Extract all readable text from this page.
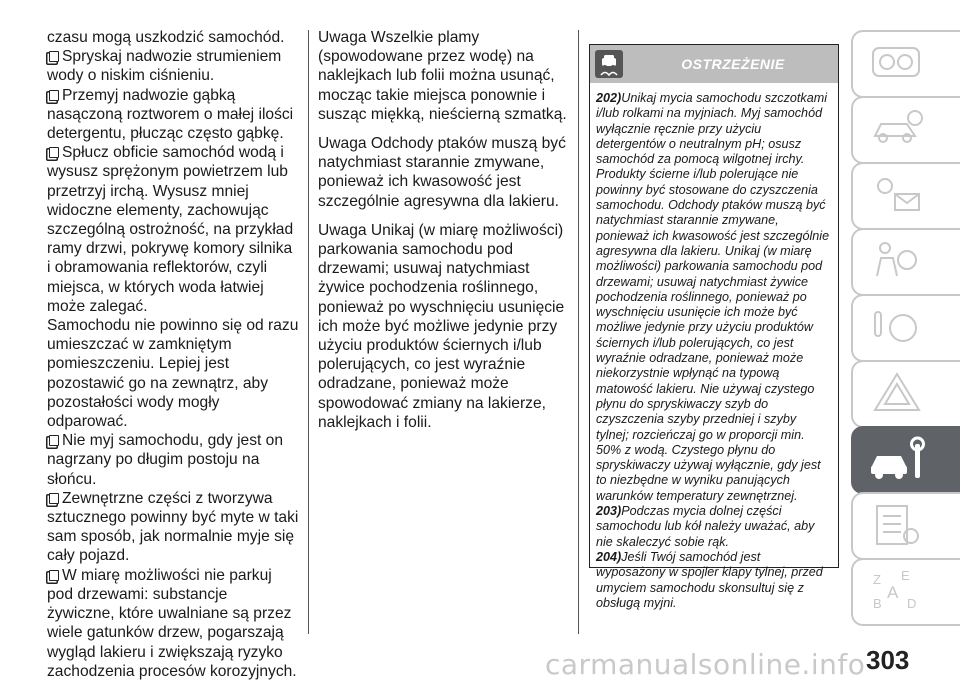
czasu mogą uszkodzić samochód.

Spryskaj nadwozie strumieniem wody o niskim ciśnieniu.

Przemyj nadwozie gąbką nasączoną roztworem o małej ilości detergentu, płucząc często gąbkę.

Spłucz obficie samochód wodą i wysusz sprężonym powietrzem lub przetrzyj irchą. Wysusz mniej widoczne elementy, zachowując szczególną ostrożność, na przykład ramy drzwi, pokrywę komory silnika i obramowania reflektorów, czyli miejsca, w których woda łatwiej może zalegać.

Samochodu nie powinno się od razu umieszczać w zamkniętym pomieszczeniu. Lepiej jest pozostawić go na zewnątrz, aby pozostałości wody mogły odparować.

Nie myj samochodu, gdy jest on nagrzany po długim postoju na słońcu.

Zewnętrzne części z tworzywa sztucznego powinny być myte w taki sam sposób, jak normalnie myje się cały pojazd.

W miarę możliwości nie parkuj pod drzewami: substancje żywiczne, które uwalniane są przez wiele gatunków drzew, pogarszają wygląd lakieru i zwiększają ryzyko zachodzenia procesów korozyjnych.

Uwaga Wszelkie plamy (spowodowane przez wodę) na naklejkach lub folii można usunąć, mocząc takie miejsca ponownie i susząc miękką, nieścierną szmatką.

Uwaga Odchody ptaków muszą być natychmiast starannie zmywane, ponieważ ich kwasowość jest szczególnie agresywna dla lakieru.

Uwaga Unikaj (w miarę możliwości) parkowania samochodu pod drzewami; usuwaj natychmiast żywice pochodzenia roślinnego, ponieważ po wyschnięciu usunięcie ich może być możliwe jedynie przy użyciu produktów ściernych i/lub polerujących, co jest wyraźnie odradzane, ponieważ może spowodować zmiany na lakierze, naklejkach i folii.

OSTRZEŻENIE

202)Unikaj mycia samochodu szczotkami i/lub rolkami na myjniach. Myj samochód wyłącznie ręcznie przy użyciu detergentów o neutralnym pH; osusz samochód za pomocą wilgotnej irchy. Produkty ścierne i/lub polerujące nie powinny być stosowane do czyszczenia samochodu. Odchody ptaków muszą być natychmiast starannie zmywane, ponieważ ich kwasowość jest szczególnie agresywna dla lakieru. Unikaj (w miarę możliwości) parkowania samochodu pod drzewami; usuwaj natychmiast żywice pochodzenia roślinnego, ponieważ po wyschnięciu usunięcie ich może być możliwe jedynie przy użyciu produktów ściernych i/lub polerujących, co jest wyraźnie odradzane, ponieważ może niekorzystnie wpłynąć na typową matowość lakieru. Nie używaj czystego płynu do spryskiwaczy szyb do czyszczenia szyby przedniej i szyby tylnej; rozcieńczaj go w proporcji min. 50% z wodą. Czystego płynu do spryskiwaczy używaj wyłącznie, gdy jest to niezbędne w wyniku panujących warunków temperatury zewnętrznej.

203)Podczas mycia dolnej części samochodu lub kół należy uważać, aby nie skaleczyć sobie rąk.

204)Jeśli Twój samochód jest wyposażony w spojler klapy tylnej, przed umyciem samochodu skonsultuj się z obsługą myjni.

Z E
A
B D
carmanualsonline.info 303
